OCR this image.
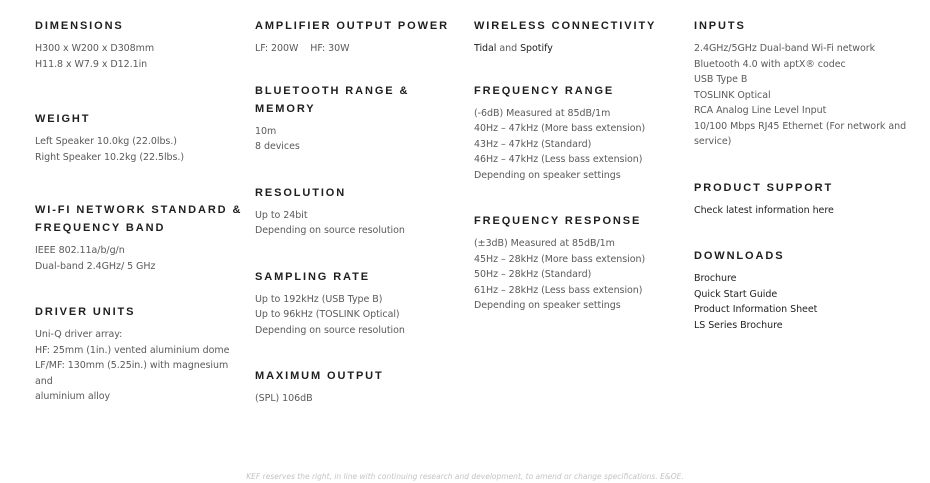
DIMENSIONS
H300 x W200 x D308mm
H11.8 x W7.9 x D12.1in
WEIGHT
Left Speaker 10.0kg (22.0lbs.)
Right Speaker 10.2kg (22.5lbs.)
WI-FI NETWORK STANDARD &
FREQUENCY BAND
IEEE 802.11a/b/g/n
Dual-band 2.4GHz/ 5 GHz
DRIVER UNITS
Uni-Q driver array:
HF: 25mm (1in.) vented aluminium dome
LF/MF: 130mm (5.25in.) with magnesium and
aluminium alloy
AMPLIFIER OUTPUT POWER
LF: 200W    HF: 30W
BLUETOOTH RANGE &
MEMORY
10m
8 devices
RESOLUTION
Up to 24bit
Depending on source resolution
SAMPLING RATE
Up to 192kHz (USB Type B)
Up to 96kHz (TOSLINK Optical)
Depending on source resolution
MAXIMUM OUTPUT
(SPL) 106dB
WIRELESS CONNECTIVITY
Tidal and Spotify
FREQUENCY RANGE
(-6dB) Measured at 85dB/1m
40Hz – 47kHz (More bass extension)
43Hz – 47kHz (Standard)
46Hz – 47kHz (Less bass extension)
Depending on speaker settings
FREQUENCY RESPONSE
(±3dB) Measured at 85dB/1m
45Hz – 28kHz (More bass extension)
50Hz – 28kHz (Standard)
61Hz – 28kHz (Less bass extension)
Depending on speaker settings
INPUTS
2.4GHz/5GHz Dual-band Wi-Fi network
Bluetooth 4.0 with aptX® codec
USB Type B
TOSLINK Optical
RCA Analog Line Level Input
10/100 Mbps RJ45 Ethernet (For network and
service)
PRODUCT SUPPORT
Check latest information here
DOWNLOADS
Brochure
Quick Start Guide
Product Information Sheet
LS Series Brochure
KEF reserves the right, in line with continuing research and development, to amend or change specifications. E&OE.
